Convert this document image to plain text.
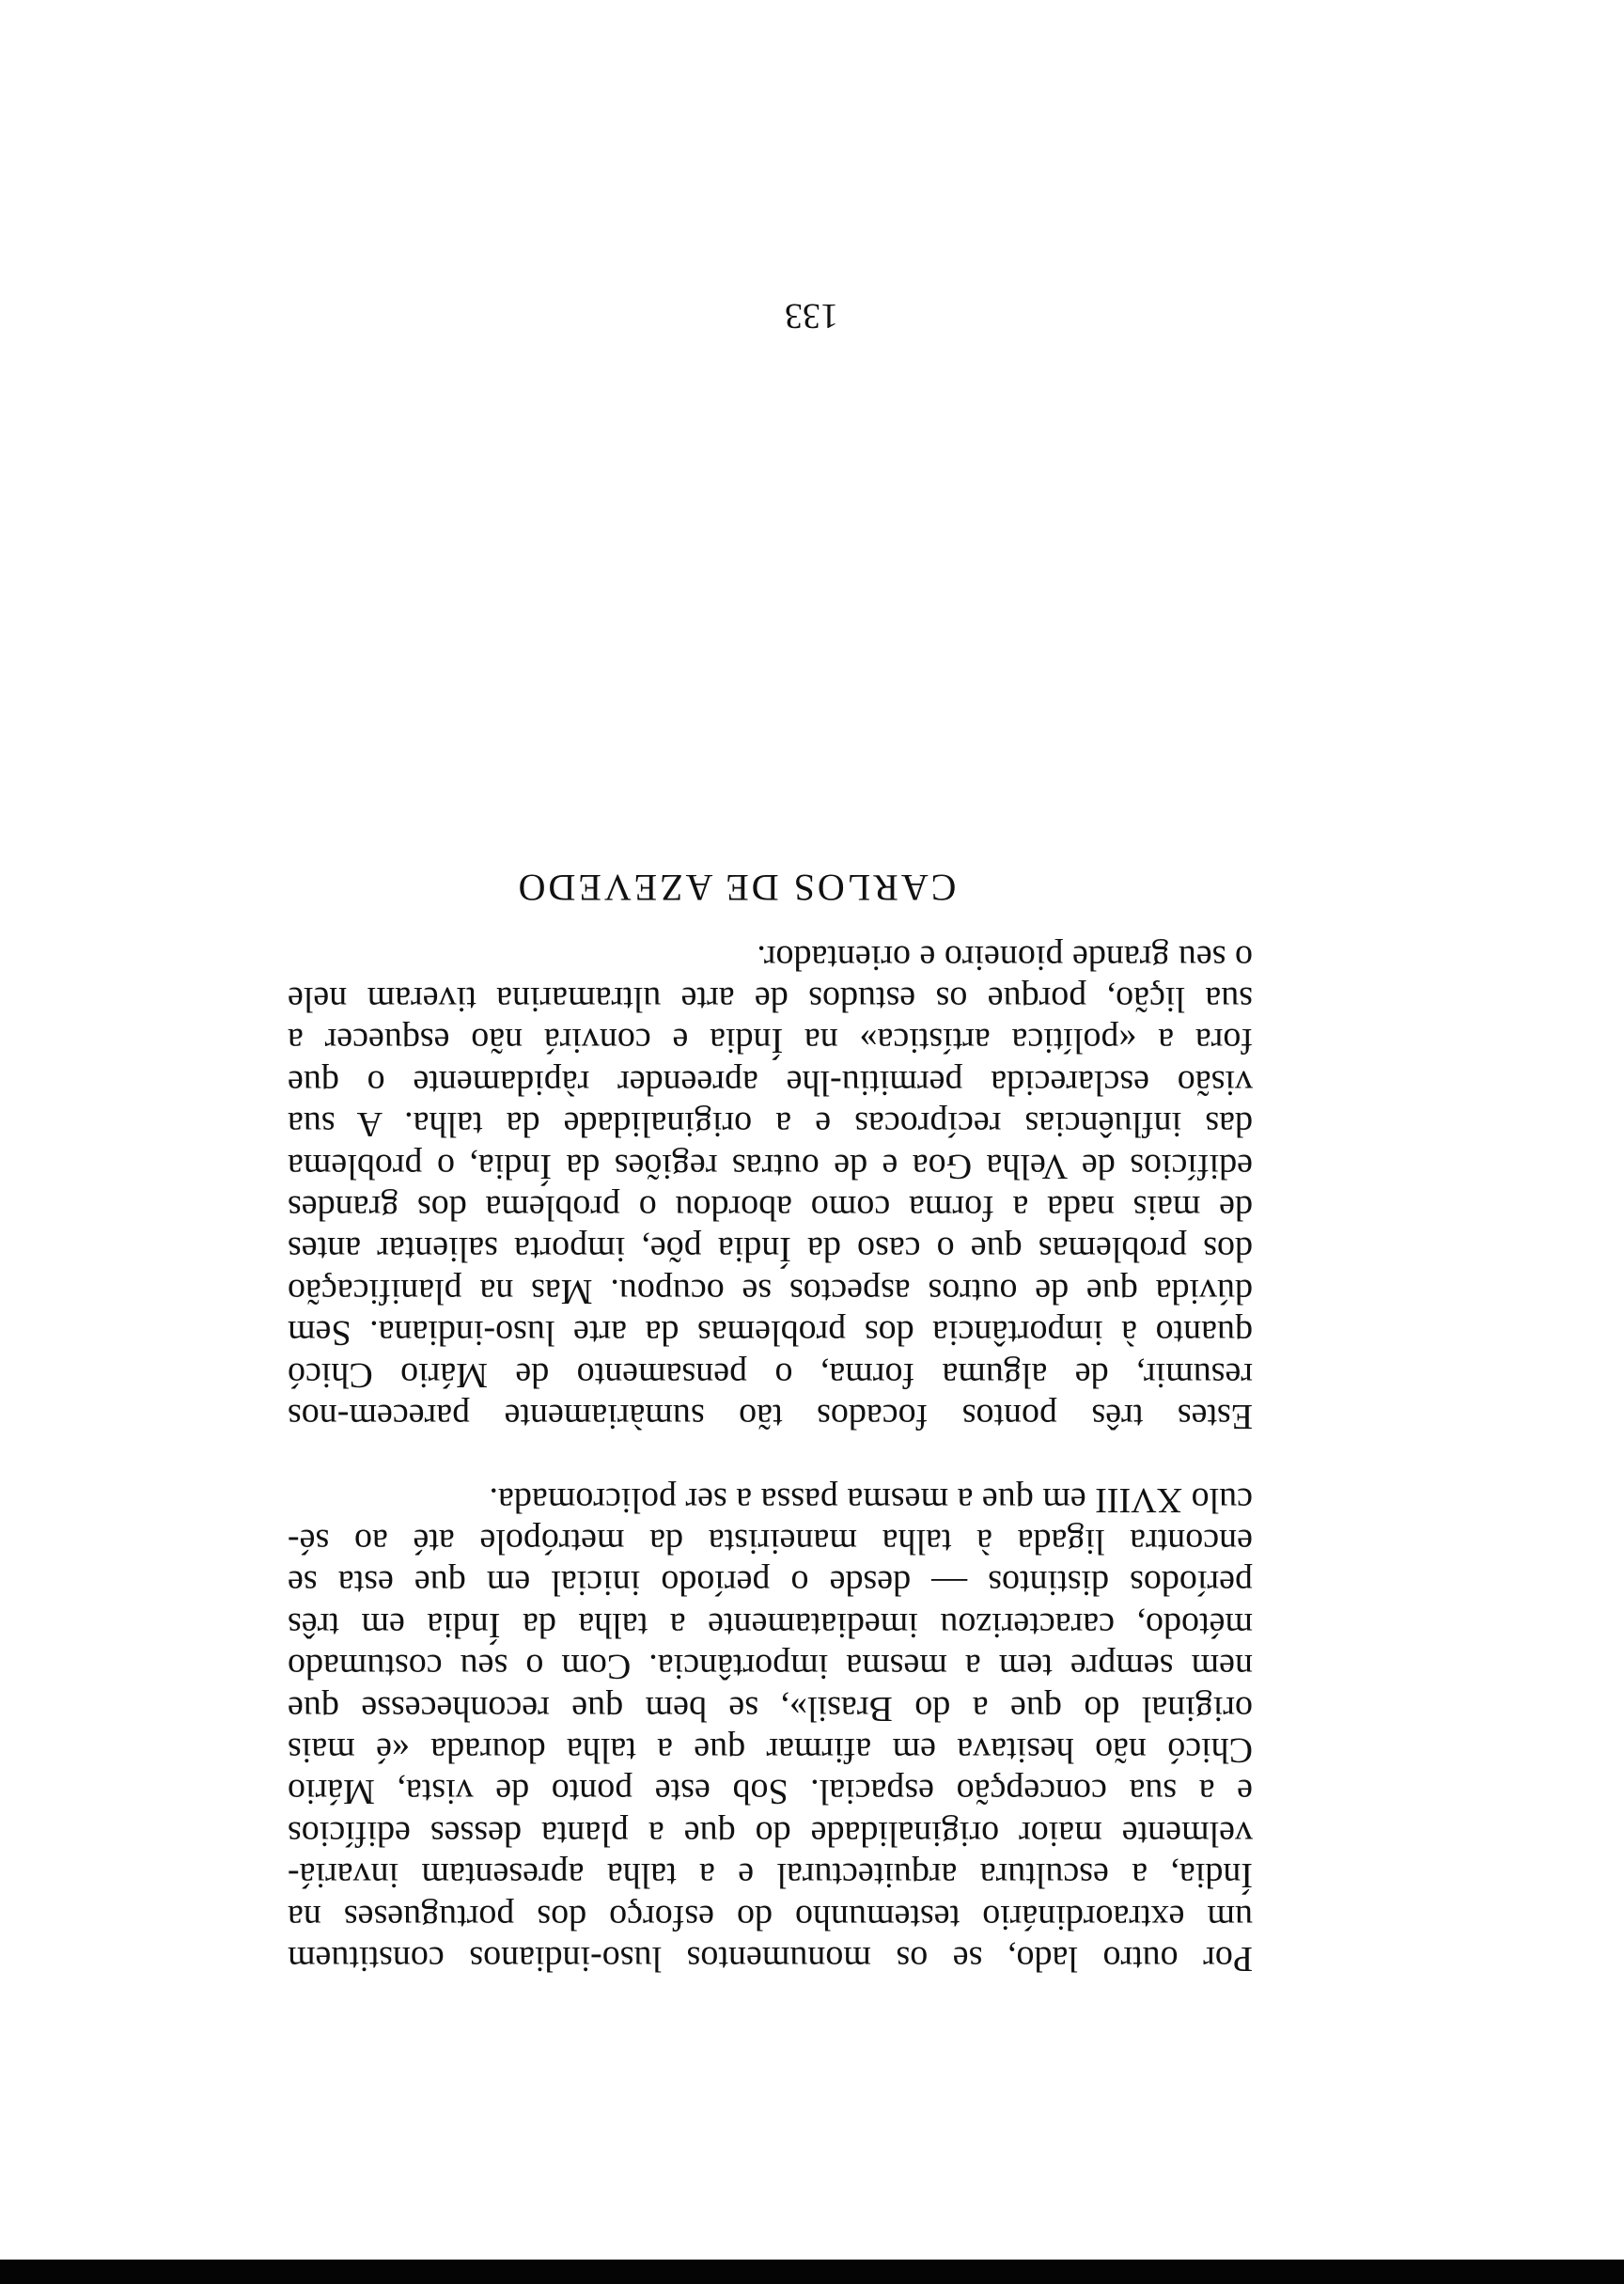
Por outro lado, se os monumentos luso-indianos constituem
um extraordinário testemunho do esforço dos portugueses na
Índia, a escultura arquitectural e a talha apresentam invariá-
velmente maior originalidade do que a planta desses edifícios
e a sua concepção espacial. Sob este ponto de vista, Mário
Chicó não hesitava em afirmar que a talha dourada «é mais
original do que a do Brasil», se bem que reconhecesse que
nem sempre tem a mesma importância. Com o seu costumado
método, caracterizou imediatamente a talha da Índia em três
períodos distintos — desde o período inicial em que esta se
encontra ligada à talha maneirista da metrópole até ao sé-
culo XVIII em que a mesma passa a ser policromada.

Estes três pontos focados tão sumàriamente parecem-nos
resumir, de alguma forma, o pensamento de Mário Chicó
quanto à importância dos problemas da arte luso-indiana. Sem
dúvida que de outros aspectos se ocupou. Mas na planificação
dos problemas que o caso da Índia põe, importa salientar antes
de mais nada a forma como abordou o problema dos grandes
edifícios de Velha Goa e de outras regiões da Índia, o problema
das influências recíprocas e a originalidade da talha. A sua
visão esclarecida permitiu-lhe apreender ràpidamente o que
fora a «política artística» na Índia e convirá não esquecer a
sua lição, porque os estudos de arte ultramarina tiveram nele
o seu grande pioneiro e orientador.

CARLOS DE AZEVEDO
133
